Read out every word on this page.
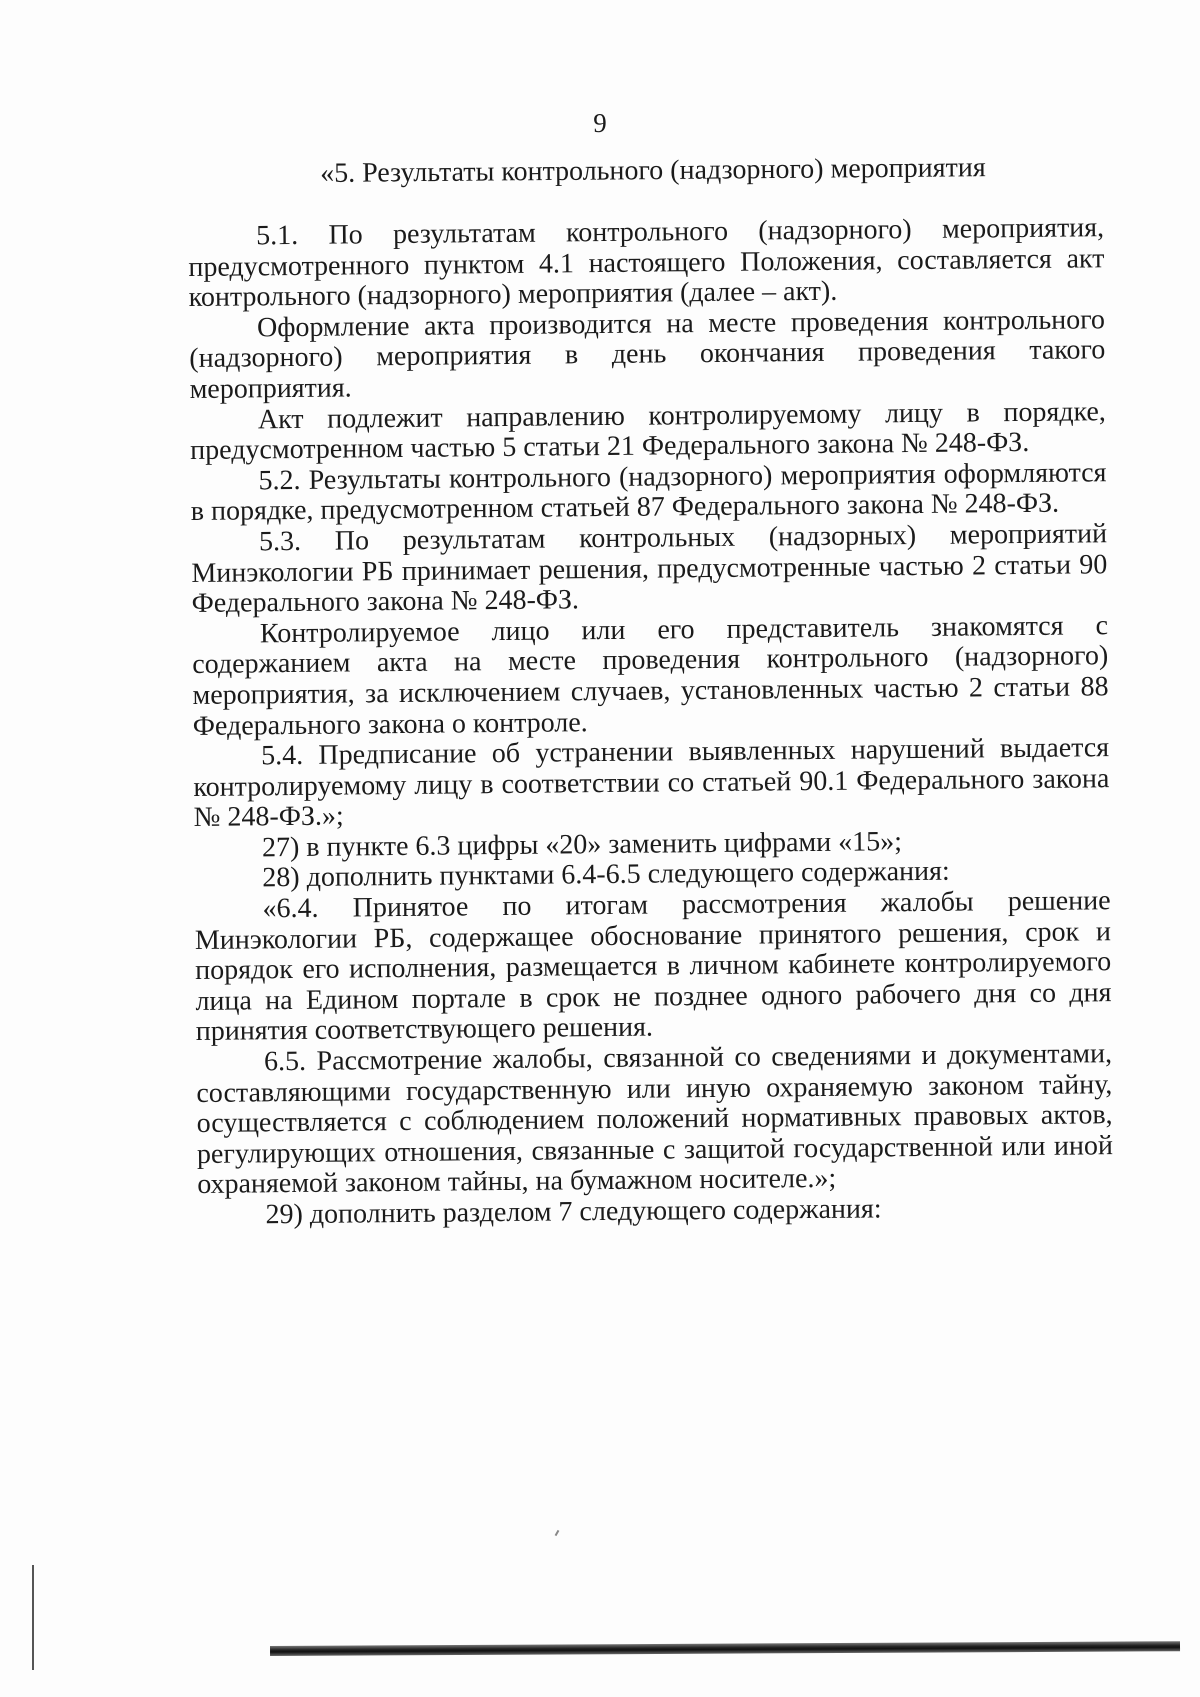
9
«5. Результаты контрольного (надзорного) мероприятия

5.1. По результатам контрольного (надзорного) мероприятия, предусмотренного пунктом 4.1 настоящего Положения, составляется акт контрольного (надзорного) мероприятия (далее – акт).

Оформление акта производится на месте проведения контрольного (надзорного) мероприятия в день окончания проведения такого мероприятия.

Акт подлежит направлению контролируемому лицу в порядке, предусмотренном частью 5 статьи 21 Федерального закона № 248-ФЗ.

5.2. Результаты контрольного (надзорного) мероприятия оформляются в порядке, предусмотренном статьей 87 Федерального закона № 248-ФЗ.

5.3. По результатам контрольных (надзорных) мероприятий Минэкологии РБ принимает решения, предусмотренные частью 2 статьи 90 Федерального закона № 248-ФЗ.

Контролируемое лицо или его представитель знакомятся с содержанием акта на месте проведения контрольного (надзорного) мероприятия, за исключением случаев, установленных частью 2 статьи 88 Федерального закона о контроле.

5.4. Предписание об устранении выявленных нарушений выдается контролируемому лицу в соответствии со статьей 90.1 Федерального закона № 248-ФЗ.»;

27) в пункте 6.3 цифры «20» заменить цифрами «15»;

28) дополнить пунктами 6.4-6.5 следующего содержания:

«6.4. Принятое по итогам рассмотрения жалобы решение Минэкологии РБ, содержащее обоснование принятого решения, срок и порядок его исполнения, размещается в личном кабинете контролируемого лица на Едином портале в срок не позднее одного рабочего дня со дня принятия соответствующего решения.

6.5. Рассмотрение жалобы, связанной со сведениями и документами, составляющими государственную или иную охраняемую законом тайну, осуществляется с соблюдением положений нормативных правовых актов, регулирующих отношения, связанные с защитой государственной или иной охраняемой законом тайны, на бумажном носителе.»;

29) дополнить разделом 7 следующего содержания:
